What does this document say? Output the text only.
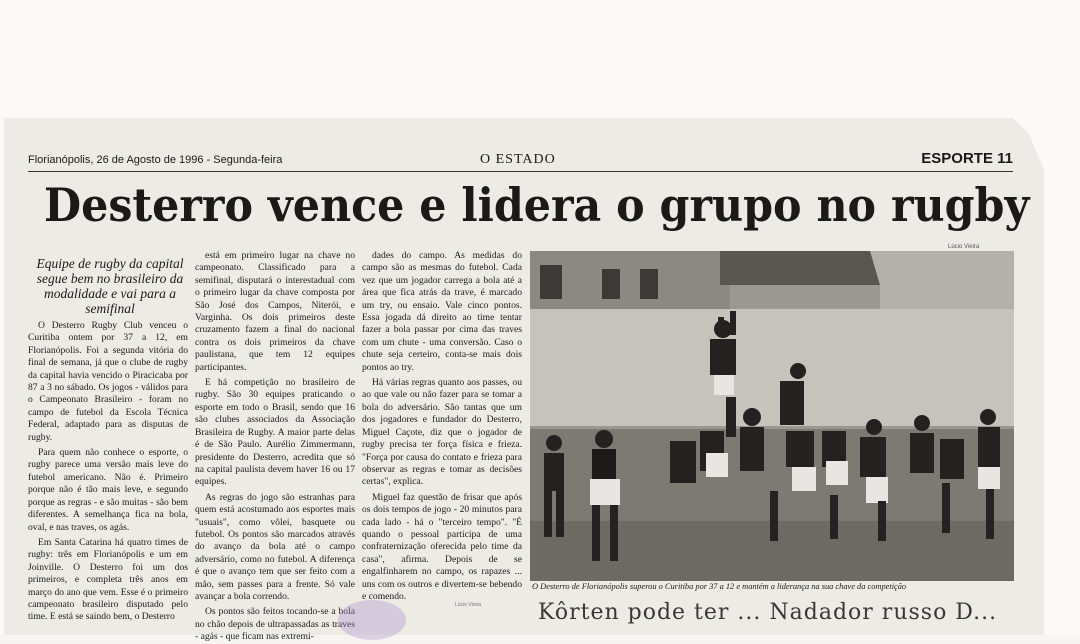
Florianópolis, 26 de Agosto de 1996 - Segunda-feira	O ESTADO	ESPORTE 11
Desterro vence e lidera o grupo no rugby
Equipe de rugby da capital segue bem no brasileiro da modalidade e vai para a semifinal

O Desterro Rugby Club venceu o Curitiba ontem por 37 a 12, em Florianópolis. Foi a segunda vitória do final de semana, já que o clube de rugby da capital havia vencido o Piracicaba por 87 a 3 no sábado. Os jogos - válidos para o Campeonato Brasileiro - foram no campo de futebol da Escola Técnica Federal, adaptado para as disputas de rugby.

Para quem não conhece o esporte, o rugby parece uma versão mais leve do futebol americano. Não é. Primeiro porque não é tão mais leve, e segundo porque as regras - e são muitas - são bem diferentes. A semelhança fica na bola, oval, e nas traves, os agás.

Em Santa Catarina há quatro times de rugby: três em Florianópolis e um em Joinville. O Desterro foi um dos primeiros, e completa três anos em março do ano que vem. Esse é o primeiro campeonato brasileiro disputado pelo time. E está se saindo bem, o Desterro

está em primeiro lugar na chave no campeonato. Classificado para a semifinal, disputará o interestadual com o primeiro lugar da chave composta por São José dos Campos, Niterói, e Varginha. Os dois primeiros deste cruzamento fazem a final do nacional contra os dois primeiros da chave paulistana, que tem 12 equipes participantes.

E há competição no brasileiro de rugby. São 30 equipes praticando o esporte em todo o Brasil, sendo que 16 são clubes associados da Associação Brasileira de Rugby. A maior parte delas é de São Paulo. Aurélio Zimmermann, presidente do Desterro, acredita que só na capital paulista devem haver 16 ou 17 equipes.

As regras do jogo são estranhas para quem está acostumado aos esportes mais "usuais", como vôlei, basquete ou futebol. Os pontos são marcados através do avanço da bola até o campo adversário, como no futebol. A diferença é que o avanço tem que ser feito com a mão, sem passes para a frente. Só vale avançar a bola correndo.

Os pontos são feitos tocando-se a bola no chão depois de ultrapassadas as traves - agás - que ficam nas extremi-

dades do campo. As medidas do campo são as mesmas do futebol. Cada vez que um jogador carrega a bola até a área que fica atrás da trave, é marcado um try, ou ensaio. Vale cinco pontos. Essa jogada dá direito ao time tentar fazer a bola passar por cima das traves com um chute - uma conversão. Caso o chute seja certeiro, conta-se mais dois pontos ao try.

Há várias regras quanto aos passes, ou ao que vale ou não fazer para se tomar a bola do adversário. São tantas que um dos jogadores e fundador do Desterro, Miguel Caçote, diz que o jogador de rugby precisa ter força física e frieza. "Força por causa do contato e frieza para observar as regras e tomar as decisões certas", explica.

Miguel faz questão de frisar que após os dois tempos de jogo - 20 minutos para cada lado - há o "terceiro tempo". "É quando o pessoal participa de uma confraternização oferecida pelo time da casa", afirma. Depois de se engalfinharem no campo, os rapazes ... uns com os outros e divertem-se bebendo e comendo.

Lúcio Vieira
O Desterro de Florianópolis superou o Curitiba por 37 a 12 e mantém a liderança na sua chave da competição
Lúcio Vieira	Kôrten pode ter ... Nadador russo D...
